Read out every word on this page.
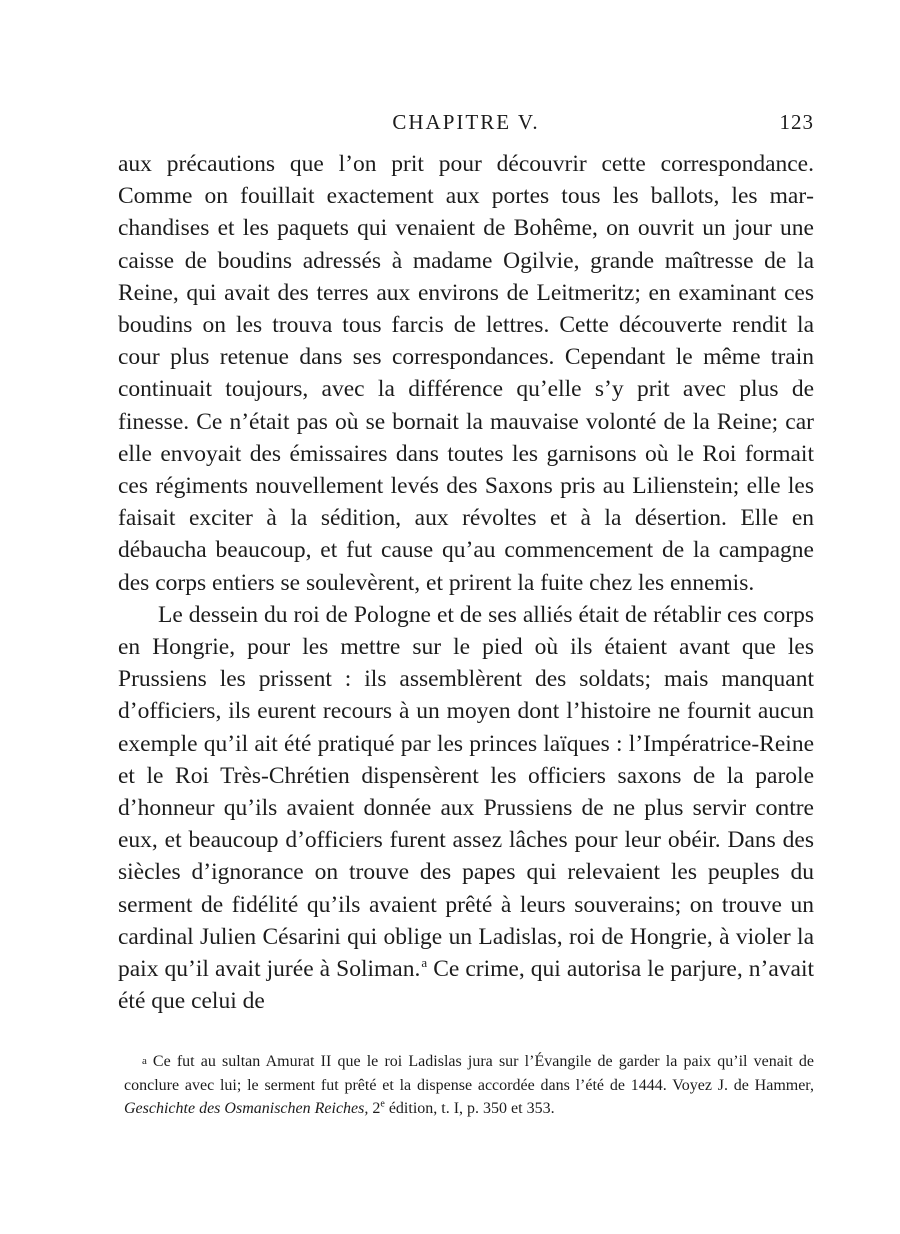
CHAPITRE V.	123

aux précautions que l’on prit pour découvrir cette correspondance. Comme on fouillait exactement aux portes tous les ballots, les marchandises et les paquets qui venaient de Bohême, on ouvrit un jour une caisse de boudins adressés à madame Ogilvie, grande maîtresse de la Reine, qui avait des terres aux environs de Leitmeritz; en examinant ces boudins on les trouva tous farcis de lettres. Cette découverte rendit la cour plus retenue dans ses correspondances. Cependant le même train continuait toujours, avec la différence qu’elle s’y prit avec plus de finesse. Ce n’était pas où se bornait la mauvaise volonté de la Reine; car elle envoyait des émissaires dans toutes les garnisons où le Roi formait ces régiments nouvellement levés des Saxons pris au Lilienstein; elle les faisait exciter à la sédition, aux révoltes et à la désertion. Elle en débaucha beaucoup, et fut cause qu’au commencement de la campagne des corps entiers se soulevèrent, et prirent la fuite chez les ennemis.

Le dessein du roi de Pologne et de ses alliés était de rétablir ces corps en Hongrie, pour les mettre sur le pied où ils étaient avant que les Prussiens les prissent : ils assemblèrent des soldats; mais manquant d’officiers, ils eurent recours à un moyen dont l’histoire ne fournit aucun exemple qu’il ait été pratiqué par les princes laïques : l’Impératrice-Reine et le Roi Très-Chrétien dispensèrent les officiers saxons de la parole d’honneur qu’ils avaient donnée aux Prussiens de ne plus servir contre eux, et beaucoup d’officiers furent assez lâches pour leur obéir. Dans des siècles d’ignorance on trouve des papes qui relevaient les peuples du serment de fidélité qu’ils avaient prêté à leurs souverains; on trouve un cardinal Julien Césarini qui oblige un Ladislas, roi de Hongrie, à violer la paix qu’il avait jurée à Soliman.$^a$ Ce crime, qui autorisa le parjure, n’avait été que celui de

a Ce fut au sultan Amurat II que le roi Ladislas jura sur l’Évangile de garder la paix qu’il venait de conclure avec lui; le serment fut prêté et la dispense accordée dans l’été de 1444. Voyez J. de Hammer, Geschichte des Osmanischen Reiches, 2e édition, t. I, p. 350 et 353.
